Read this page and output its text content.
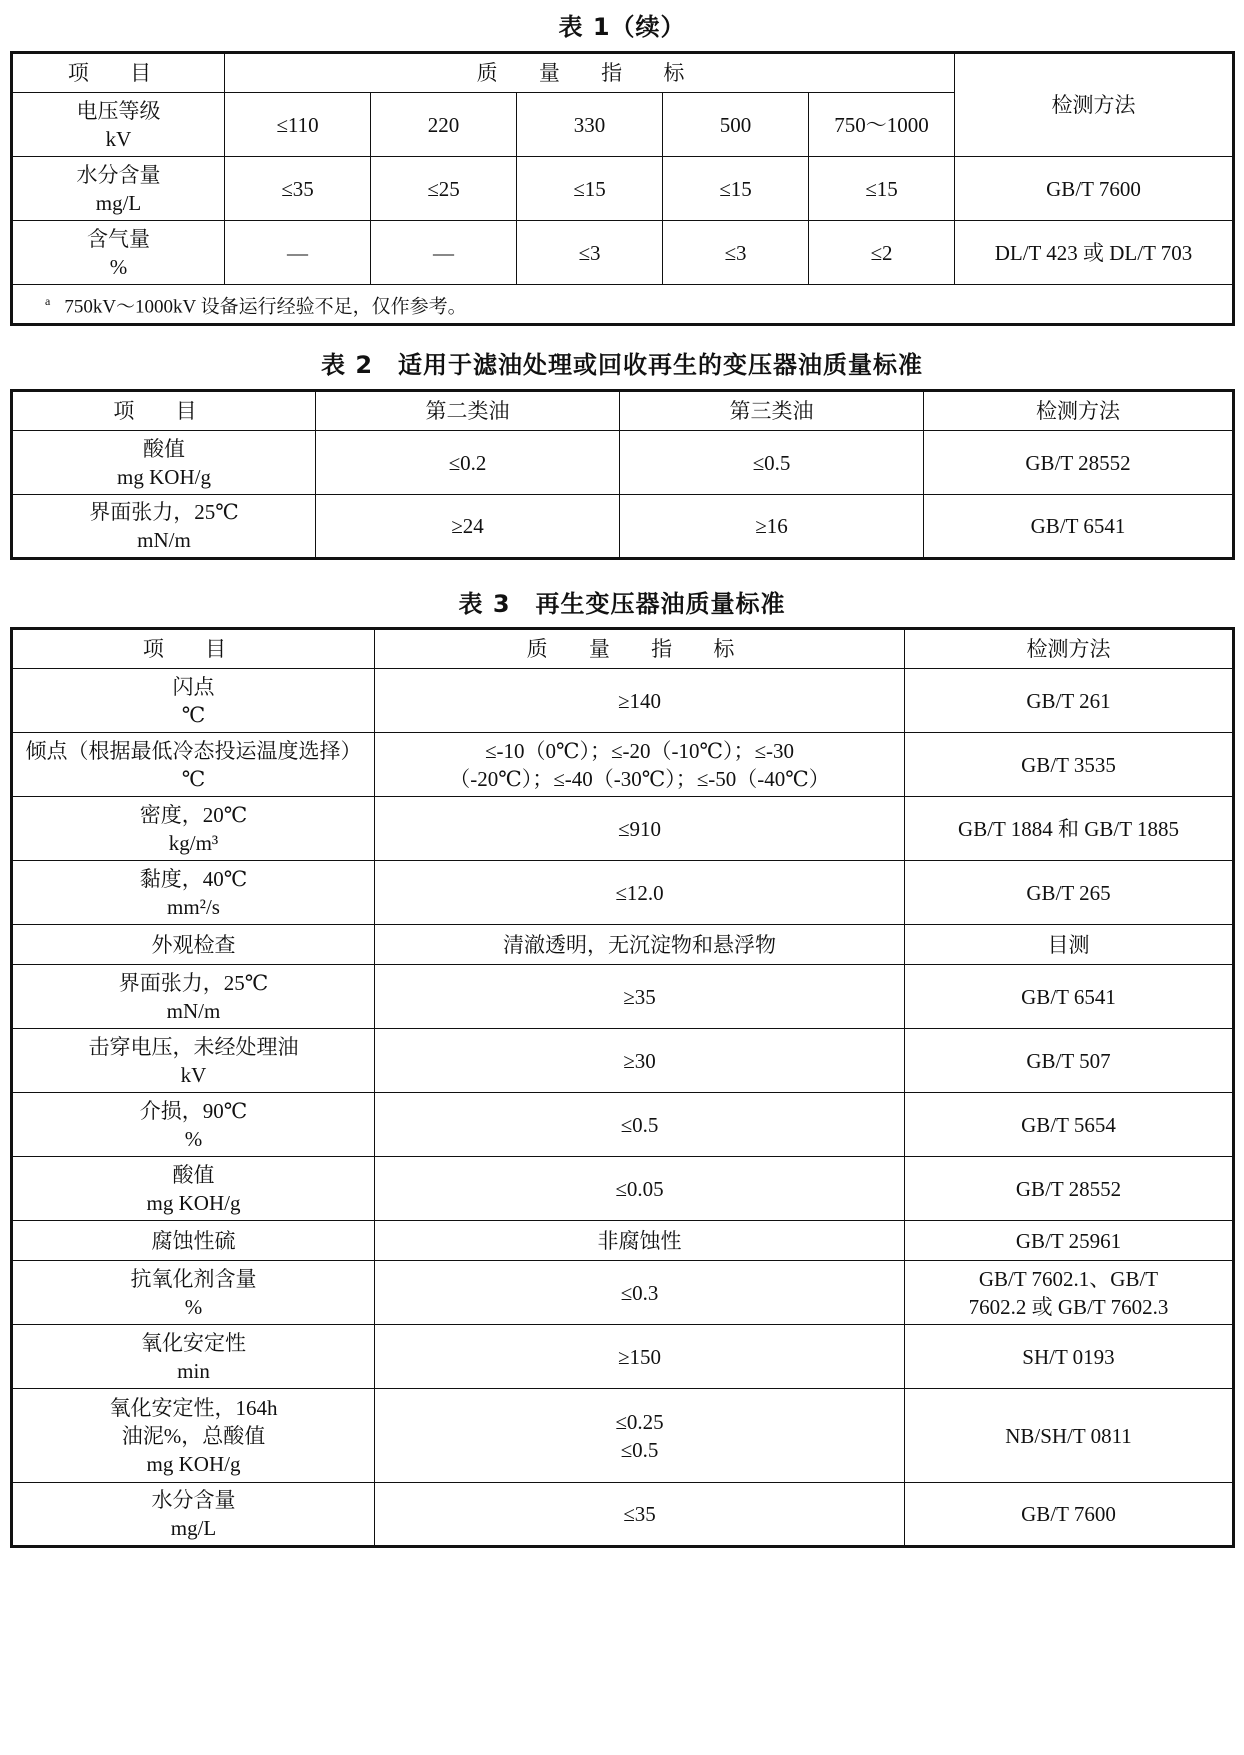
表 1（续）
项 目	质 量 指 标					检测方法

电压等级
kV	≤110	220	330	500	750～1000	

水分含量
mg/L	≤35	≤25	≤15	≤15	≤15	GB/T 7600

含气量
%	—	—	≤3	≤3	≤2	DL/T 423 或 DL/T 703
$^a$ 750kV～1000kV 设备运行经验不足，仅作参考。						
表 2　适用于滤油处理或回收再生的变压器油质量标准
项 目	第二类油	第三类油	检测方法

酸值
mg KOH/g	≤0.2	≤0.5	GB/T 28552

界面张力，25℃
mN/m	≥24	≥16	GB/T 6541
表 3　再生变压器油质量标准
项 目	质 量 指 标	检测方法

闪点
℃	≥140	GB/T 261

倾点（根据最低冷态投运温度选择）
℃	≤-10（0℃）；≤-20（-10℃）；≤-30
（-20℃）；≤-40（-30℃）；≤-50（-40℃）	GB/T 3535

密度，20℃
kg/m³	≤910	GB/T 1884 和 GB/T 1885

黏度，40℃
mm²/s	≤12.0	GB/T 265

外观检查	清澈透明，无沉淀物和悬浮物	目测

界面张力，25℃
mN/m	≥35	GB/T 6541

击穿电压，未经处理油
kV	≥30	GB/T 507

介损，90℃
%	≤0.5	GB/T 5654

酸值
mg KOH/g	≤0.05	GB/T 28552

腐蚀性硫	非腐蚀性	GB/T 25961

抗氧化剂含量
%	≤0.3	GB/T 7602.1、GB/T
7602.2 或 GB/T 7602.3

氧化安定性
min	≥150	SH/T 0193

氧化安定性，164h
油泥%，总酸值
mg KOH/g	≤0.25
≤0.5	NB/SH/T 0811

水分含量
mg/L	≤35	GB/T 7600
